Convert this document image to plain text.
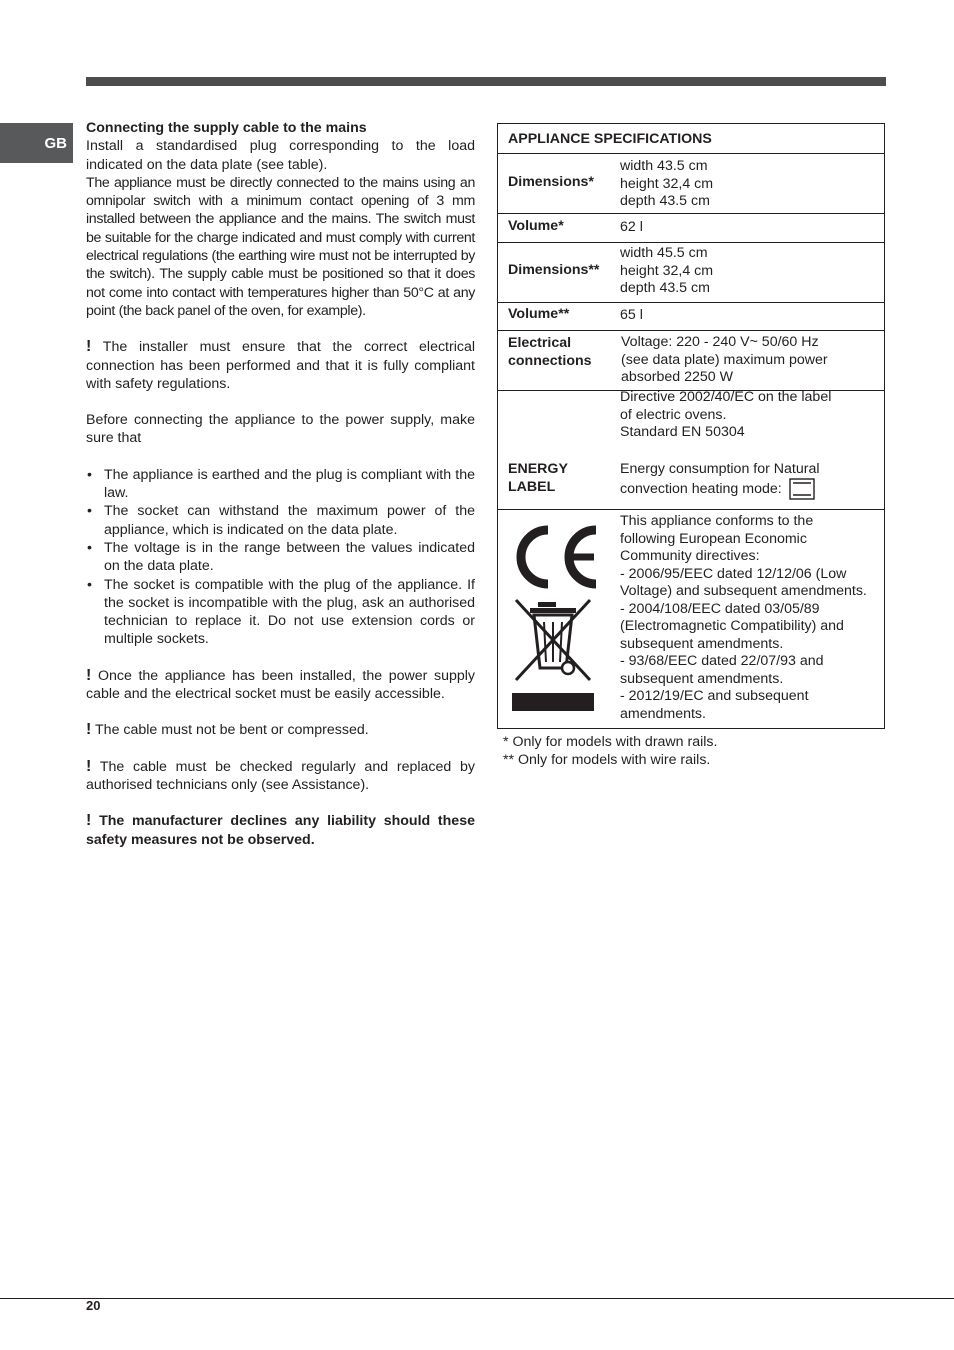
GB
Connecting the supply cable to the mains

Install a standardised plug corresponding to the load indicated on the data plate (see table).

The appliance must be directly connected to the mains using an omnipolar switch with a minimum contact opening of 3 mm installed between the appliance and the mains. The switch must be suitable for the charge indicated and must comply with current electrical regulations (the earthing wire must not be interrupted by the switch). The supply cable must be positioned so that it does not come into contact with temperatures higher than 50°C at any point (the back panel of the oven, for example).

! The installer must ensure that the correct electrical connection has been performed and that it is fully compliant with safety regulations.

Before connecting the appliance to the power supply, make sure that

• The appliance is earthed and the plug is compliant with the law.
• The socket can withstand the maximum power of the appliance, which is indicated on the data plate.
• The voltage is in the range between the values indicated on the data plate.
• The socket is compatible with the plug of the appliance. If the socket is incompatible with the plug, ask an authorised technician to replace it. Do not use extension cords or multiple sockets.

! Once the appliance has been installed, the power supply cable and the electrical socket must be easily accessible.

! The cable must not be bent or compressed.

! The cable must be checked regularly and replaced by authorised technicians only (see Assistance).

! The manufacturer declines any liability should these safety measures not be observed.

APPLIANCE SPECIFICATIONS
Dimensions*
width 43.5 cm
height 32,4 cm
depth 43.5 cm
Volume*	62 l
Dimensions**
width 45.5 cm
height 32,4 cm
depth 43.5 cm
Volume**	65 l
Electrical
connections
Voltage: 220 - 240 V~ 50/60 Hz
(see data plate) maximum power
absorbed 2250 W
ENERGY
LABEL
Directive 2002/40/EC on the label
of electric ovens.
Standard EN 50304
Energy consumption for Natural
convection heating mode:
This appliance conforms to the
following European Economic
Community directives:
- 2006/95/EEC dated 12/12/06 (Low
Voltage) and subsequent amendments.
- 2004/108/EEC dated 03/05/89
(Electromagnetic Compatibility) and
subsequent amendments.
- 93/68/EEC dated 22/07/93 and
subsequent amendments.
- 2012/19/EC and subsequent
amendments.
* Only for models with drawn rails.
** Only for models with wire rails.
20
